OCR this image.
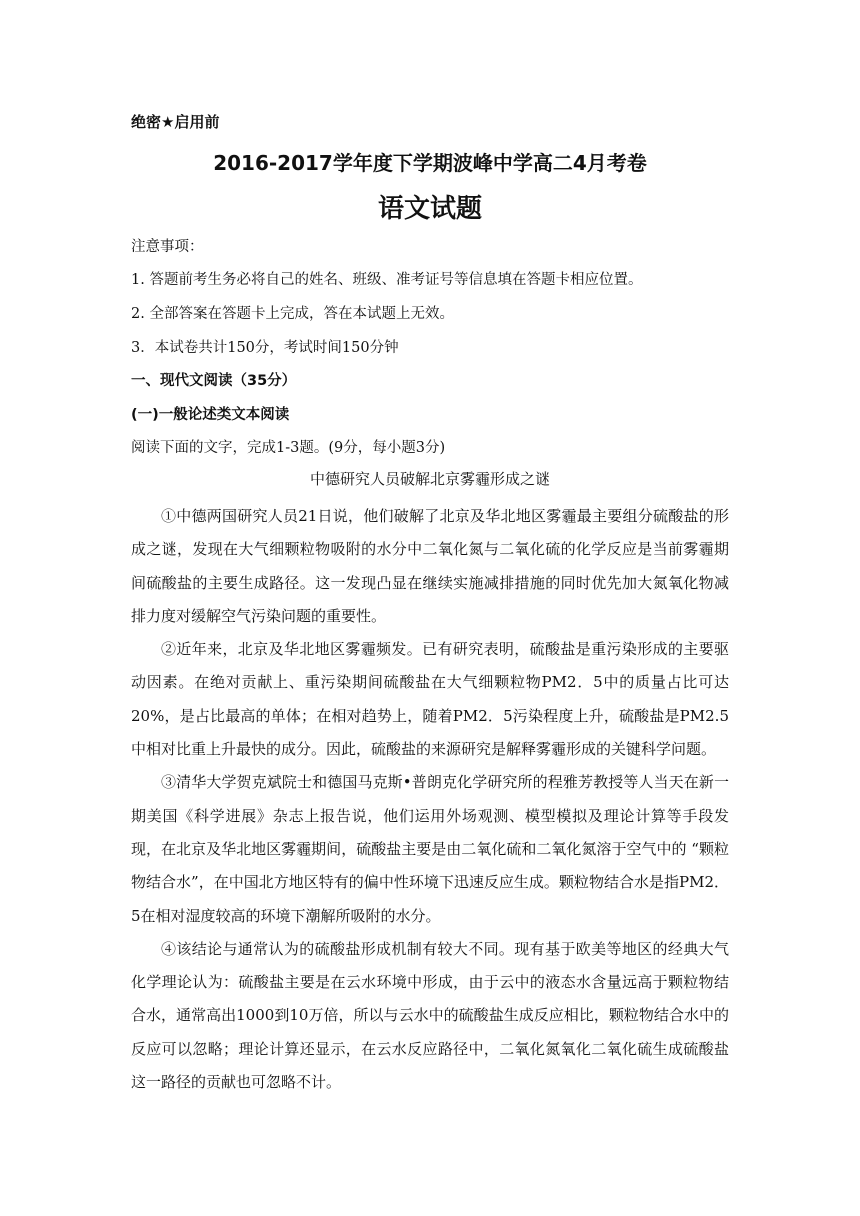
绝密★启用前
2016-2017学年度下学期波峰中学高二4月考卷
语文试题
注意事项：
1. 答题前考生务必将自己的姓名、班级、准考证号等信息填在答题卡相应位置。
2. 全部答案在答题卡上完成，答在本试题上无效。
3．本试卷共计150分，考试时间150分钟
一、现代文阅读（35分）
(一)一般论述类文本阅读
阅读下面的文字，完成1-3题。(9分，每小题3分)
中德研究人员破解北京雾霾形成之谜

①中德两国研究人员21日说，他们破解了北京及华北地区雾霾最主要组分硫酸盐的形成之谜，发现在大气细颗粒物吸附的水分中二氧化氮与二氧化硫的化学反应是当前雾霾期间硫酸盐的主要生成路径。这一发现凸显在继续实施减排措施的同时优先加大氮氧化物减排力度对缓解空气污染问题的重要性。

②近年来，北京及华北地区雾霾频发。已有研究表明，硫酸盐是重污染形成的主要驱动因素。在绝对贡献上、重污染期间硫酸盐在大气细颗粒物PM2．5中的质量占比可达20%，是占比最高的单体；在相对趋势上，随着PM2．5污染程度上升，硫酸盐是PM2.5中相对比重上升最快的成分。因此，硫酸盐的来源研究是解释雾霾形成的关键科学问题。

③清华大学贺克斌院士和德国马克斯•普朗克化学研究所的程雅芳教授等人当天在新一期美国《科学进展》杂志上报告说，他们运用外场观测、模型模拟及理论计算等手段发现，在北京及华北地区雾霾期间，硫酸盐主要是由二氧化硫和二氧化氮溶于空气中的 “颗粒物结合水”，在中国北方地区特有的偏中性环境下迅速反应生成。颗粒物结合水是指PM2．5在相对湿度较高的环境下潮解所吸附的水分。

④该结论与通常认为的硫酸盐形成机制有较大不同。现有基于欧美等地区的经典大气化学理论认为：硫酸盐主要是在云水环境中形成，由于云中的液态水含量远高于颗粒物结合水，通常高出1000到10万倍，所以与云水中的硫酸盐生成反应相比，颗粒物结合水中的反应可以忽略；理论计算还显示，在云水反应路径中，二氧化氮氧化二氧化硫生成硫酸盐这一路径的贡献也可忽略不计。
